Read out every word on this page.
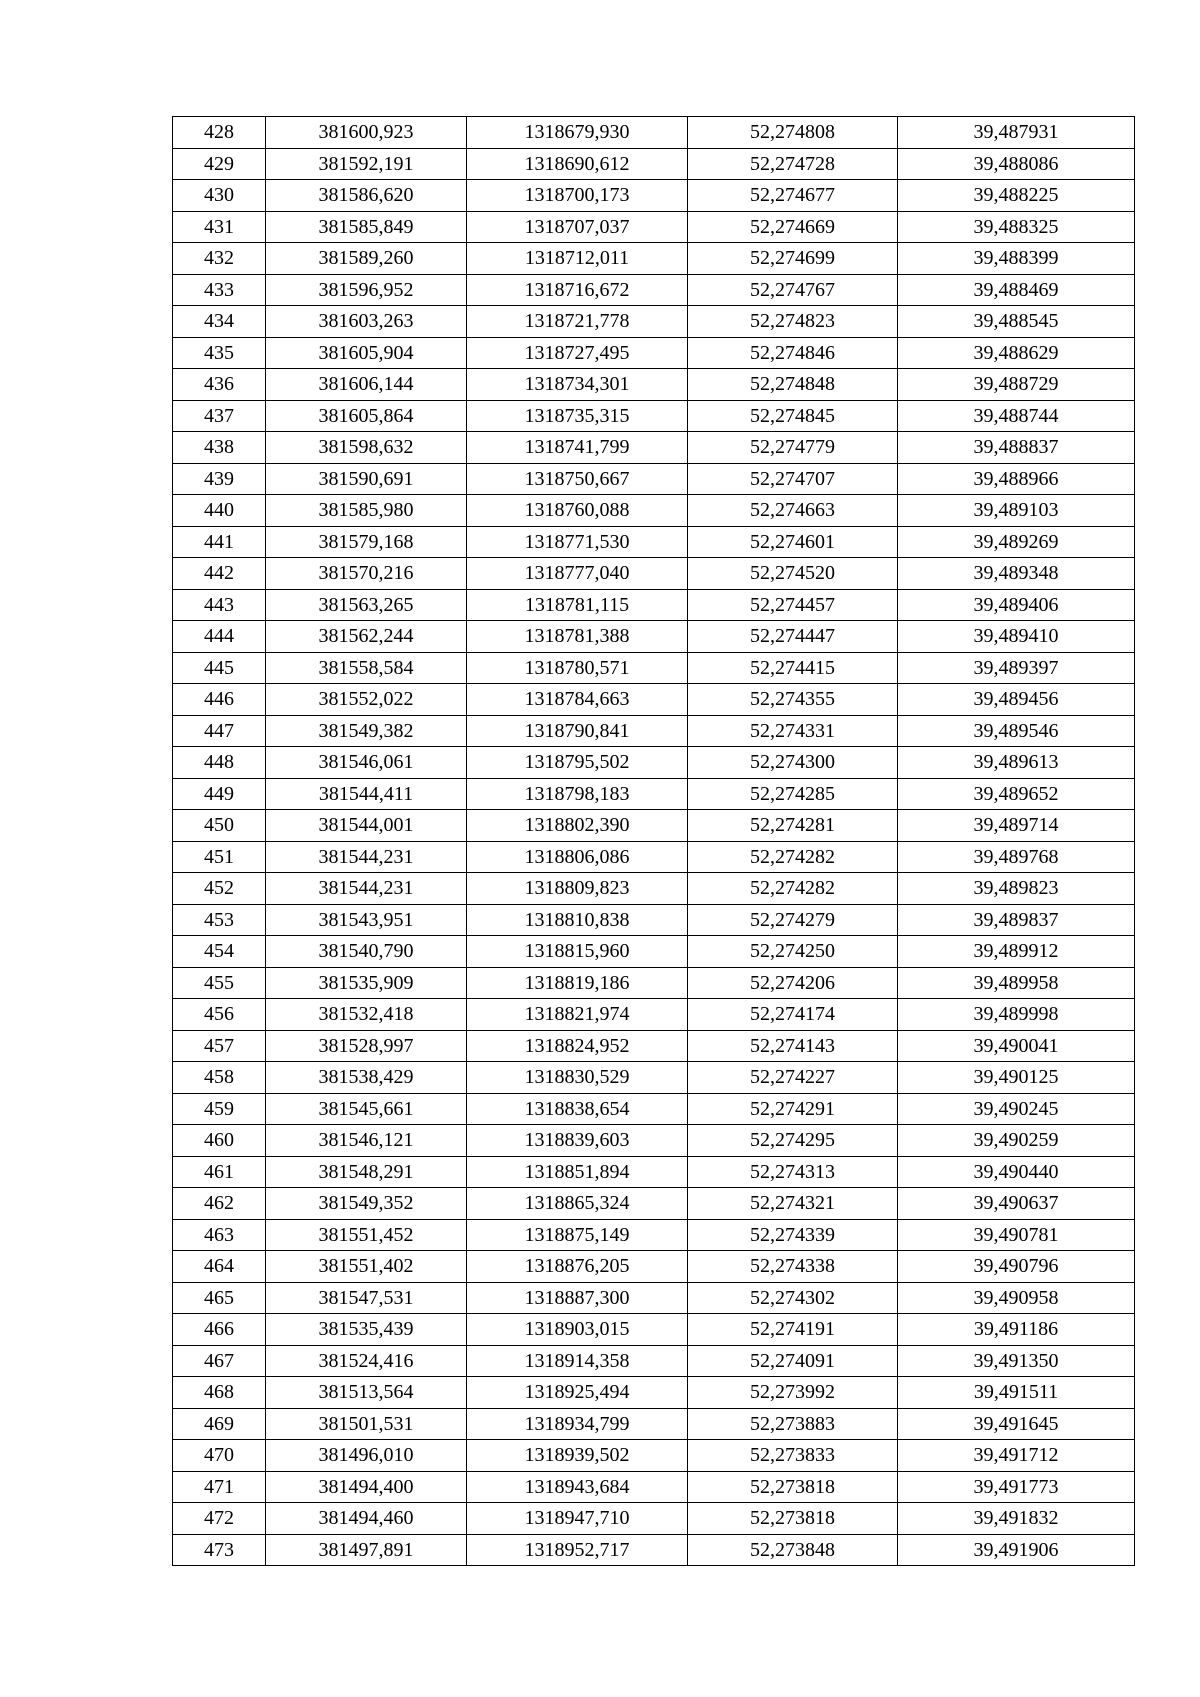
428	381600,923	1318679,930	52,274808	39,487931
429	381592,191	1318690,612	52,274728	39,488086
430	381586,620	1318700,173	52,274677	39,488225
431	381585,849	1318707,037	52,274669	39,488325
432	381589,260	1318712,011	52,274699	39,488399
433	381596,952	1318716,672	52,274767	39,488469
434	381603,263	1318721,778	52,274823	39,488545
435	381605,904	1318727,495	52,274846	39,488629
436	381606,144	1318734,301	52,274848	39,488729
437	381605,864	1318735,315	52,274845	39,488744
438	381598,632	1318741,799	52,274779	39,488837
439	381590,691	1318750,667	52,274707	39,488966
440	381585,980	1318760,088	52,274663	39,489103
441	381579,168	1318771,530	52,274601	39,489269
442	381570,216	1318777,040	52,274520	39,489348
443	381563,265	1318781,115	52,274457	39,489406
444	381562,244	1318781,388	52,274447	39,489410
445	381558,584	1318780,571	52,274415	39,489397
446	381552,022	1318784,663	52,274355	39,489456
447	381549,382	1318790,841	52,274331	39,489546
448	381546,061	1318795,502	52,274300	39,489613
449	381544,411	1318798,183	52,274285	39,489652
450	381544,001	1318802,390	52,274281	39,489714
451	381544,231	1318806,086	52,274282	39,489768
452	381544,231	1318809,823	52,274282	39,489823
453	381543,951	1318810,838	52,274279	39,489837
454	381540,790	1318815,960	52,274250	39,489912
455	381535,909	1318819,186	52,274206	39,489958
456	381532,418	1318821,974	52,274174	39,489998
457	381528,997	1318824,952	52,274143	39,490041
458	381538,429	1318830,529	52,274227	39,490125
459	381545,661	1318838,654	52,274291	39,490245
460	381546,121	1318839,603	52,274295	39,490259
461	381548,291	1318851,894	52,274313	39,490440
462	381549,352	1318865,324	52,274321	39,490637
463	381551,452	1318875,149	52,274339	39,490781
464	381551,402	1318876,205	52,274338	39,490796
465	381547,531	1318887,300	52,274302	39,490958
466	381535,439	1318903,015	52,274191	39,491186
467	381524,416	1318914,358	52,274091	39,491350
468	381513,564	1318925,494	52,273992	39,491511
469	381501,531	1318934,799	52,273883	39,491645
470	381496,010	1318939,502	52,273833	39,491712
471	381494,400	1318943,684	52,273818	39,491773
472	381494,460	1318947,710	52,273818	39,491832
473	381497,891	1318952,717	52,273848	39,491906
